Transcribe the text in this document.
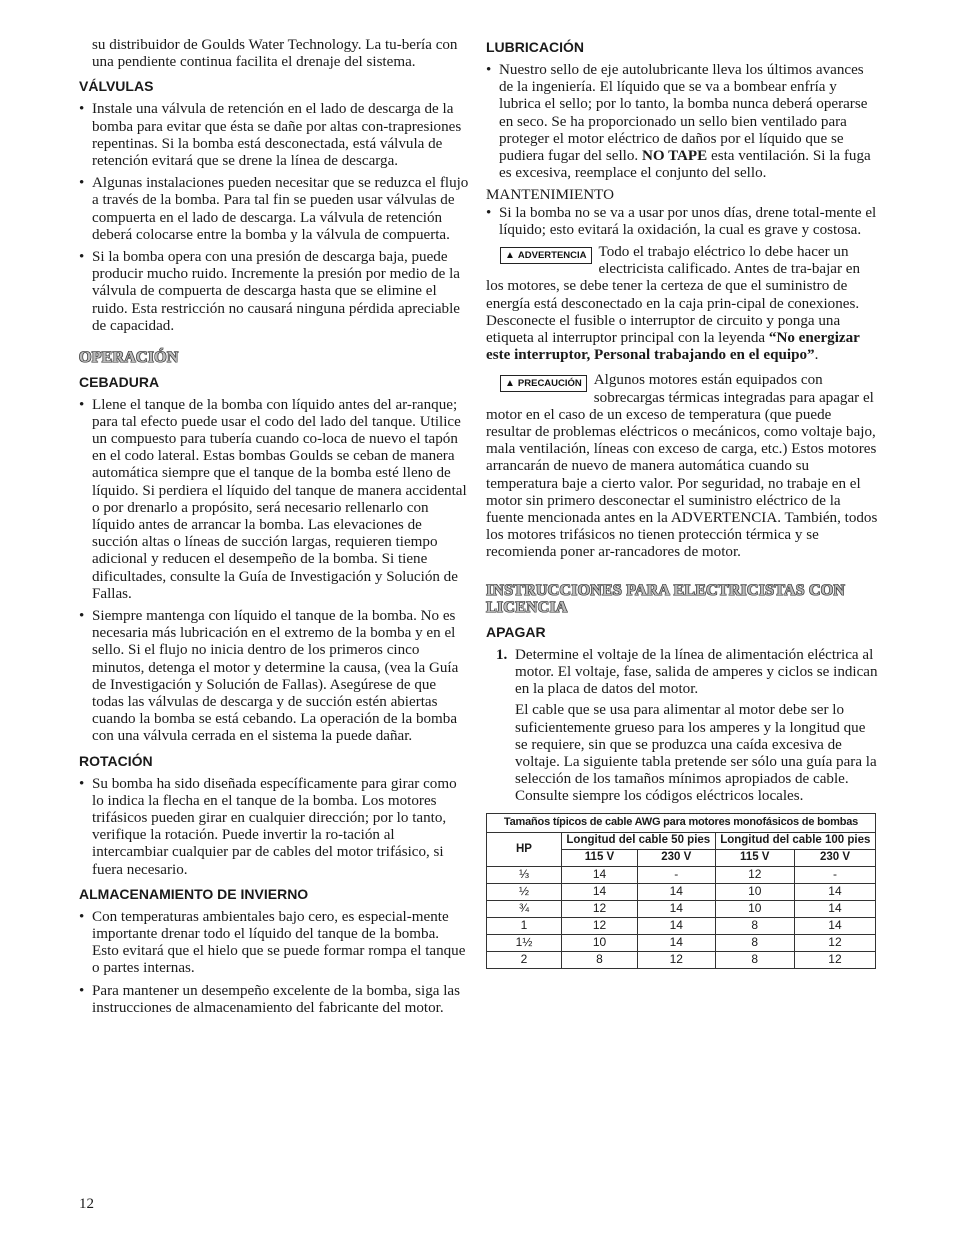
su distribuidor de Goulds Water Technology. La tu-bería con una pendiente continua facilita el drenaje del sistema.

VÁLVULAS
• Instale una válvula de retención en el lado de descarga de la bomba para evitar que ésta se dañe por altas con-trapresiones repentinas. Si la bomba está desconectada, está válvula de retención evitará que se drene la línea de descarga.
• Algunas instalaciones pueden necesitar que se reduzca el flujo a través de la bomba. Para tal fin se pueden usar válvulas de compuerta en el lado de descarga. La válvula de retención deberá colocarse entre la bomba y la válvula de compuerta.
• Si la bomba opera con una presión de descarga baja, puede producir mucho ruido. Incremente la presión por medio de la válvula de compuerta de descarga hasta que se elimine el ruido. Esta restricción no causará ninguna pérdida apreciable de capacidad.
OPERACIÓN
CEBADURA
• Llene el tanque de la bomba con líquido antes del ar-ranque; para tal efecto puede usar el codo del lado del tanque. Utilice un compuesto para tubería cuando co-loca de nuevo el tapón en el codo lateral. Estas bombas Goulds se ceban de manera automática siempre que el tanque de la bomba esté lleno de líquido. Si perdiera el líquido del tanque de manera accidental o por drenarlo a propósito, será necesario rellenarlo con líquido antes de arrancar la bomba. Las elevaciones de succión altas o líneas de succión largas, requieren tiempo adicional y reducen el desempeño de la bomba. Si tiene dificultades, consulte la Guía de Investigación y Solución de Fallas.
• Siempre mantenga con líquido el tanque de la bomba. No es necesaria más lubricación en el extremo de la bomba y en el sello. Si el flujo no inicia dentro de los primeros cinco minutos, detenga el motor y determine la causa, (vea la Guía de Investigación y Solución de Fallas). Asegúrese de que todas las válvulas de descarga y de succión estén abiertas cuando la bomba se está cebando. La operación de la bomba con una válvula cerrada en el sistema la puede dañar.
ROTACIÓN
• Su bomba ha sido diseñada específicamente para girar como lo indica la flecha en el tanque de la bomba. Los motores trifásicos pueden girar en cualquier dirección; por lo tanto, verifique la rotación. Puede invertir la ro-tación al intercambiar cualquier par de cables del motor trifásico, si fuera necesario.
ALMACENAMIENTO DE INVIERNO
• Con temperaturas ambientales bajo cero, es especial-mente importante drenar todo el líquido del tanque de la bomba. Esto evitará que el hielo que se puede formar rompa el tanque o partes internas.
• Para mantener un desempeño excelente de la bomba, siga las instrucciones de almacenamiento del fabricante del motor.
LUBRICACIÓN
• Nuestro sello de eje autolubricante lleva los últimos avances de la ingeniería. El líquido que se va a bombear enfría y lubrica el sello; por lo tanto, la bomba nunca deberá operarse en seco. Se ha proporcionado un sello bien ventilado para proteger el motor eléctrico de daños por el líquido que se pudiera fugar del sello. NO TAPE esta ventilación. Si la fuga es excesiva, reemplace el conjunto del sello.

MANTENIMIENTO

• Si la bomba no se va a usar por unos días, drene total-mente el líquido; esto evitará la oxidación, la cual es grave y costosa.
▲ ADVERTENCIA Todo el trabajo eléctrico lo debe hacer un electricista calificado. Antes de tra-bajar en los motores, se debe tener la certeza de que el suministro de energía está desconectado en la caja prin-cipal de conexiones. Desconecte el fusible o interruptor de circuito y ponga una etiqueta al interruptor principal con la leyenda “No energizar este interruptor, Personal trabajando en el equipo”.
▲ PRECAUCIÓN Algunos motores están equipados con sobrecargas térmicas integradas para apagar el motor en el caso de un exceso de temperatura (que puede resultar de problemas eléctricos o mecánicos, como voltaje bajo, mala ventilación, líneas con exceso de carga, etc.) Estos motores arrancarán de nuevo de manera automática cuando su temperatura baje a cierto valor. Por seguridad, no trabaje en el motor sin primero desconectar el suministro eléctrico de la fuente mencionada antes en la ADVERTENCIA. También, todos los motores trifásicos no tienen protección térmica y se recomienda poner ar-rancadores de motor.
INSTRUCCIONES PARA ELECTRICISTAS CON LICENCIA
APAGAR
1. Determine el voltaje de la línea de alimentación eléctrica al motor. El voltaje, fase, salida de amperes y ciclos se indican en la placa de datos del motor.

El cable que se usa para alimentar al motor debe ser lo suficientemente grueso para los amperes y la longitud que se requiere, sin que se produzca una caída excesiva de voltaje. La siguiente tabla pretende ser sólo una guía para la selección de los tamaños mínimos apropiados de cable. Consulte siempre los códigos eléctricos locales.

Tamaños típicos de cable AWG para motores monofásicos de bombas				
HP	Longitud del cable 50 pies		Longitud del cable 100 pies	
	115 V	230 V	115 V	230 V
⅓	14	-	12	-
½	14	14	10	14
¾	12	14	10	14
1	12	14	8	14
1½	10	14	8	12
2	8	12	8	12
12
